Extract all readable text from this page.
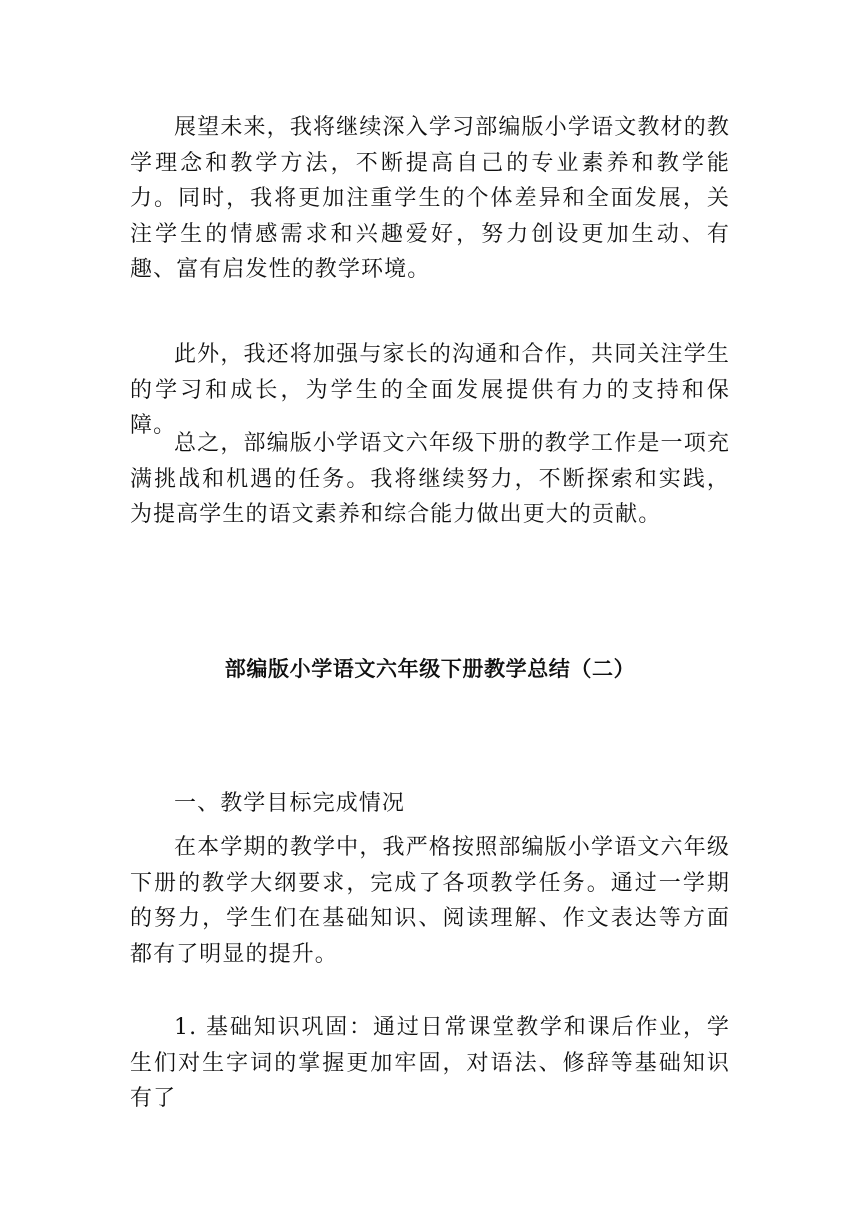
展望未来，我将继续深入学习部编版小学语文教材的教学理念和教学方法，不断提高自己的专业素养和教学能力。同时，我将更加注重学生的个体差异和全面发展，关注学生的情感需求和兴趣爱好，努力创设更加生动、有趣、富有启发性的教学环境。

此外，我还将加强与家长的沟通和合作，共同关注学生的学习和成长，为学生的全面发展提供有力的支持和保障。

总之，部编版小学语文六年级下册的教学工作是一项充满挑战和机遇的任务。我将继续努力，不断探索和实践，为提高学生的语文素养和综合能力做出更大的贡献。

部编版小学语文六年级下册教学总结（二）

一、教学目标完成情况

在本学期的教学中，我严格按照部编版小学语文六年级下册的教学大纲要求，完成了各项教学任务。通过一学期的努力，学生们在基础知识、阅读理解、作文表达等方面都有了明显的提升。

1. 基础知识巩固：通过日常课堂教学和课后作业，学生们对生字词的掌握更加牢固，对语法、修辞等基础知识有了
